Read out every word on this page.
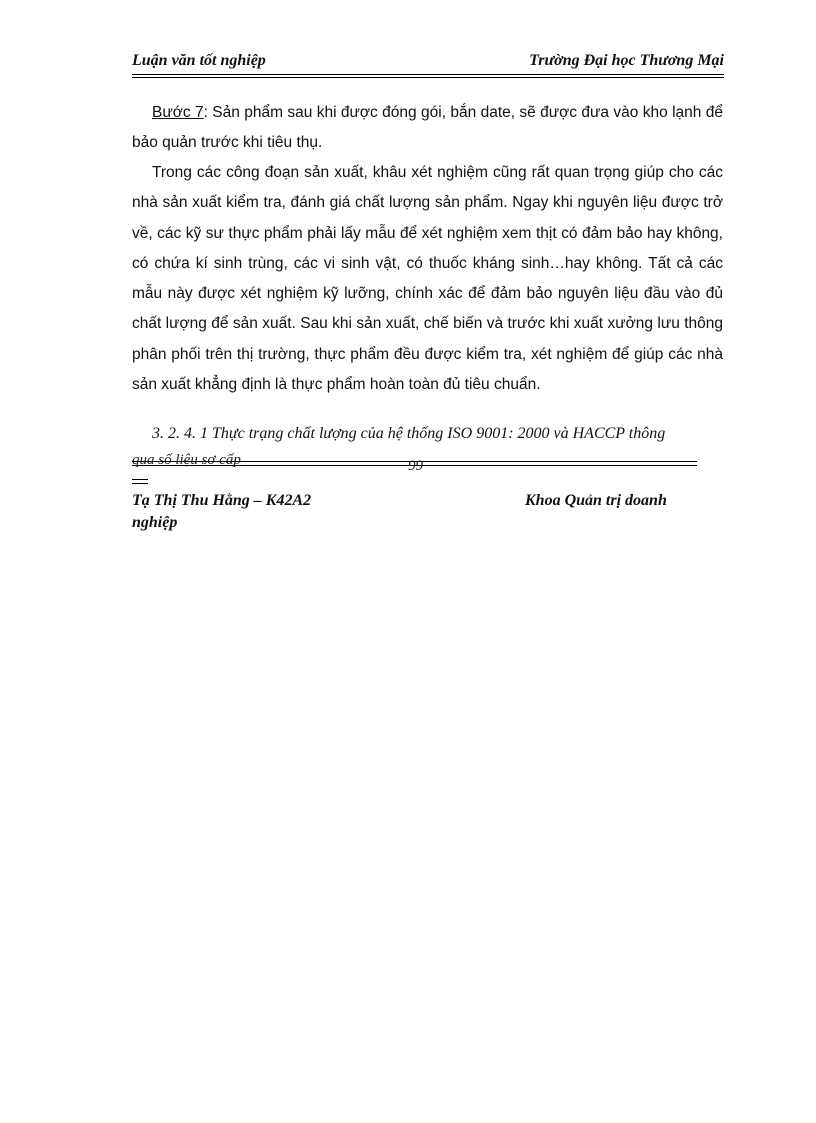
Luận văn tốt nghiệp	Trường Đại học Thương Mại

Bước 7: Sản phẩm sau khi được đóng gói, bắn date, sẽ được đưa vào kho lạnh để bảo quản trước khi tiêu thụ.

Trong các công đoạn sản xuất, khâu xét nghiệm cũng rất quan trọng giúp cho các nhà sản xuất kiểm tra, đánh giá chất lượng sản phẩm. Ngay khi nguyên liệu được trở về, các kỹ sư thực phẩm phải lấy mẫu để xét nghiệm xem thịt có đảm bảo hay không, có chứa kí sinh trùng, các vi sinh vật, có thuốc kháng sinh…hay không. Tất cả các mẫu này được xét nghiệm kỹ lưỡng, chính xác để đảm bảo nguyên liệu đầu vào đủ chất lượng để sản xuất. Sau khi sản xuất, chế biến và trước khi xuất xưởng lưu thông phân phối trên thị trường, thực phẩm đều được kiểm tra, xét nghiệm để giúp các nhà sản xuất khẳng định là thực phẩm hoàn toàn đủ tiêu chuẩn.

3. 2. 4. 1 Thực trạng chất lượng của hệ thống ISO 9001: 2000 và HACCP thông
qua số liệu sơ cấp	99
Tạ Thị Thu Hằng – K42A2	Khoa Quản trị doanh
nghiệp
